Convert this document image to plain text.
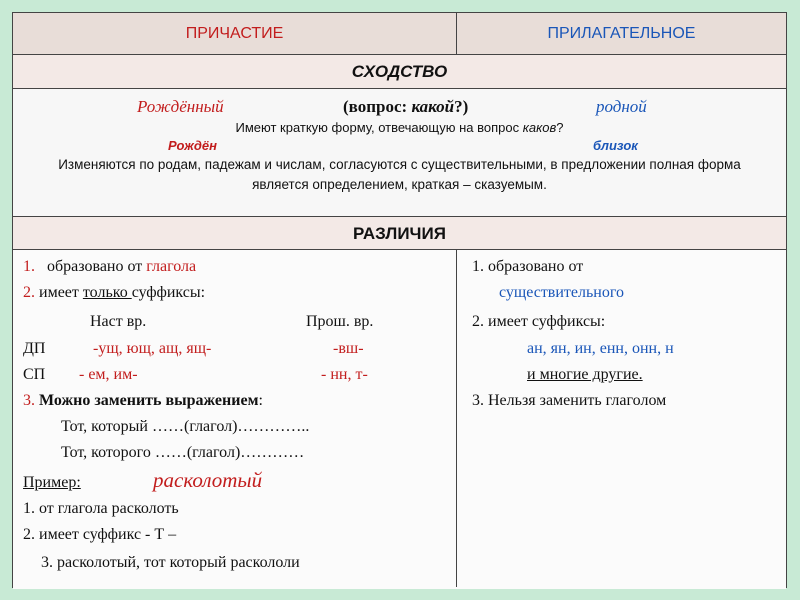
ПРИЧАСТИЕ	ПРИЛАГАТЕЛЬНОЕ
СХОДСТВО
Рождённый	(вопрос: какой?)	родной
Имеют краткую форму, отвечающую на вопрос каков?
Рождён	близок
Изменяются по родам, падежам и числам, согласуются с существительными, в предложении полная форма является определением, краткая – сказуемым.
РАЗЛИЧИЯ
1. образовано от глагола
2. имеет только суффиксы:
Наст вр.	Прош. вр.
ДП	-ущ, ющ, ащ, ящ-	-вш-
СП - ем, им-	- нн, т-
3. Можно заменить выражением:
Тот, который ……(глагол)…………..
Тот, которого ……(глагол)…………
Пример:	расколотый
1. от глагола расколоть
2. имеет суффикс - Т –
3. расколотый, тот который раскололи
1. образовано от
существительного
2. имеет суффиксы:
ан, ян, ин, енн, онн, н
и многие другие.
3. Нельзя заменить глаголом
